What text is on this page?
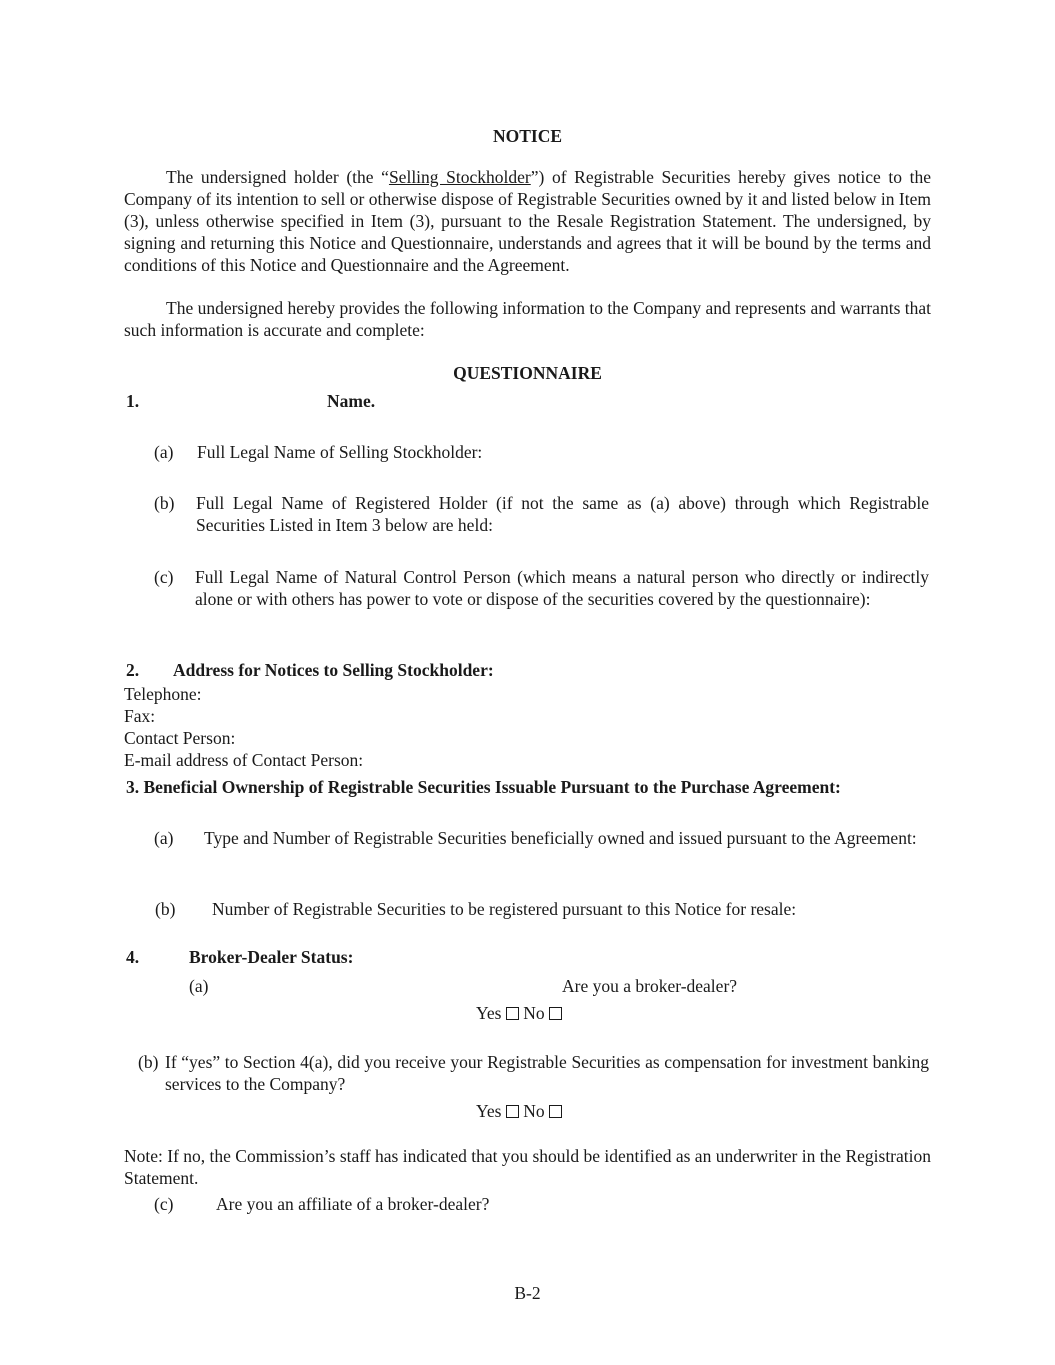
NOTICE
The undersigned holder (the “Selling Stockholder”) of Registrable Securities hereby gives notice to the Company of its intention to sell or otherwise dispose of Registrable Securities owned by it and listed below in Item (3), unless otherwise specified in Item (3), pursuant to the Resale Registration Statement. The undersigned, by signing and returning this Notice and Questionnaire, understands and agrees that it will be bound by the terms and conditions of this Notice and Questionnaire and the Agreement.
The undersigned hereby provides the following information to the Company and represents and warrants that such information is accurate and complete:
QUESTIONNAIRE
1.	Name.
(a) Full Legal Name of Selling Stockholder:
(b) Full Legal Name of Registered Holder (if not the same as (a) above) through which Registrable Securities Listed in Item 3 below are held:
(c) Full Legal Name of Natural Control Person (which means a natural person who directly or indirectly alone or with others has power to vote or dispose of the securities covered by the questionnaire):
2. Address for Notices to Selling Stockholder:
Telephone:
Fax:
Contact Person:
E-mail address of Contact Person:
3. Beneficial Ownership of Registrable Securities Issuable Pursuant to the Purchase Agreement:
(a) Type and Number of Registrable Securities beneficially owned and issued pursuant to the Agreement:
(b) Number of Registrable Securities to be registered pursuant to this Notice for resale:
4.	Broker-Dealer Status:
(a)	Are you a broker-dealer?
Yes No
(b) If “yes” to Section 4(a), did you receive your Registrable Securities as compensation for investment banking services to the Company?
Yes No
Note: If no, the Commission’s staff has indicated that you should be identified as an underwriter in the Registration Statement.
(c) Are you an affiliate of a broker-dealer?
B-2
